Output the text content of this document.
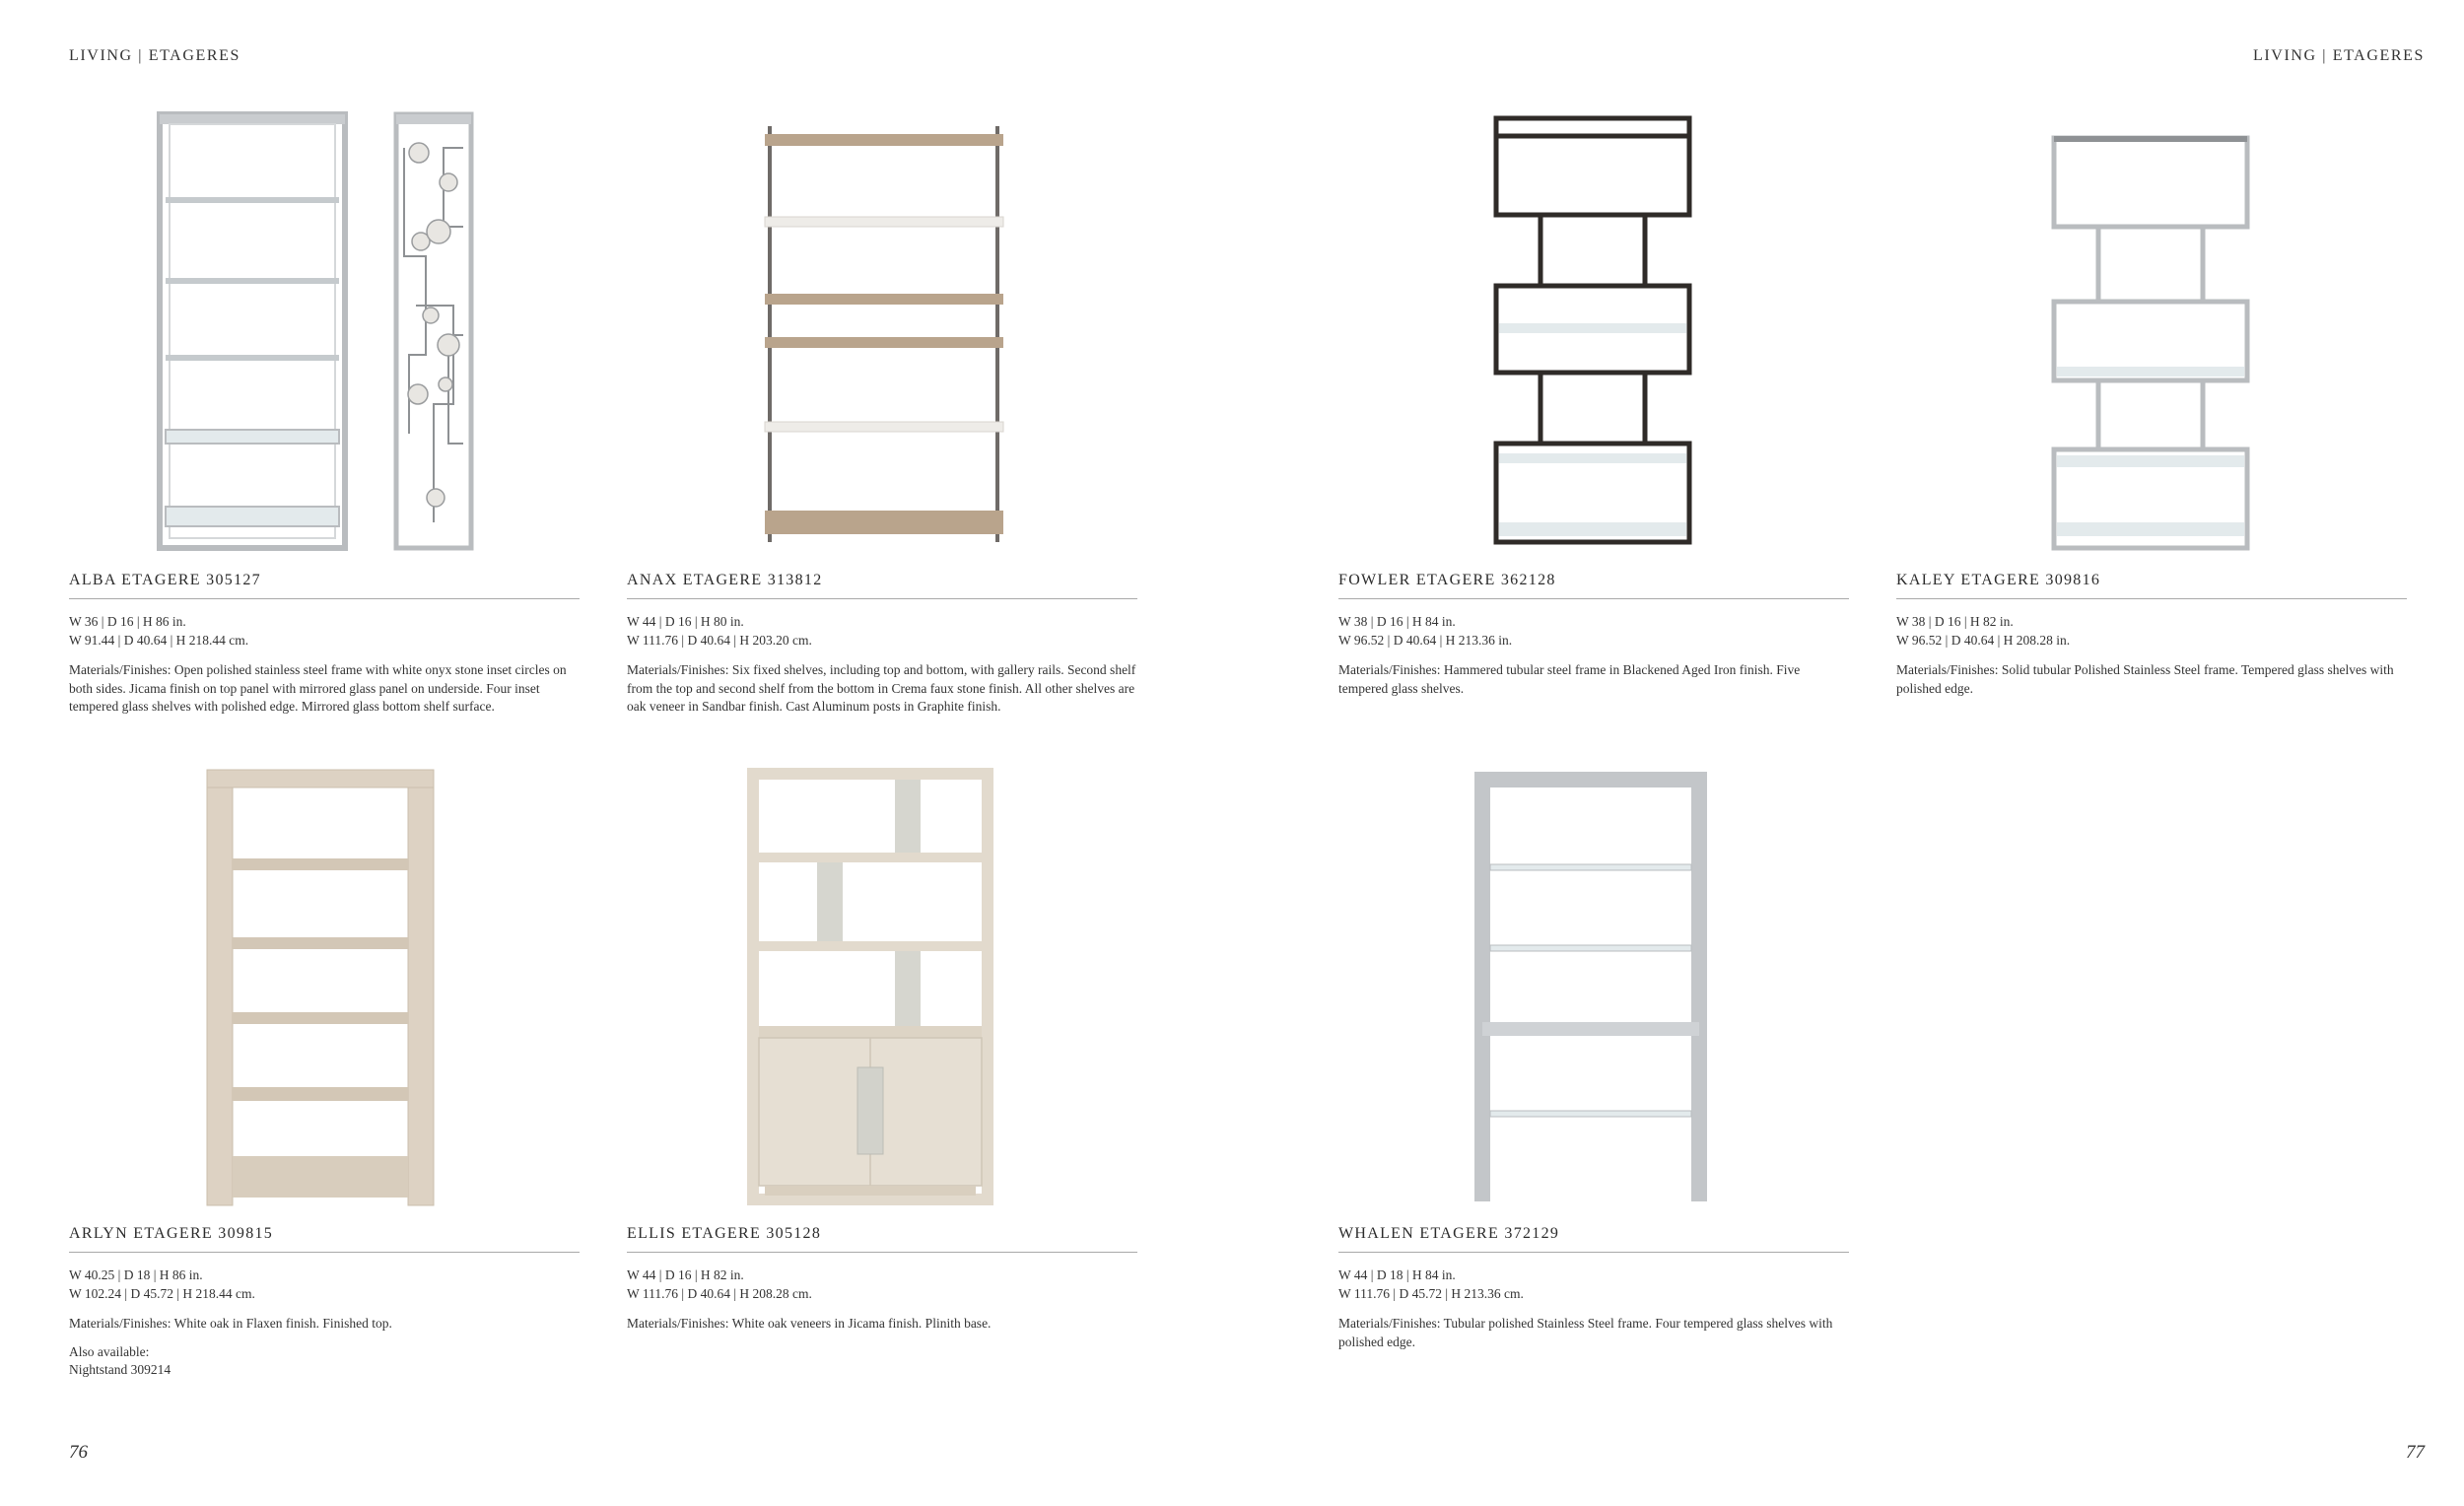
LIVING | ETAGERES	LIVING | ETAGERES
ALBA ETAGERE 305127
W 36 | D 16 | H 86 in.
W 91.44 | D 40.64 | H 218.44 cm.
Materials/Finishes: Open polished stainless steel frame with white onyx stone inset circles on both sides. Jicama finish on top panel with mirrored glass panel on underside. Four inset tempered glass shelves with polished edge. Mirrored glass bottom shelf surface.
ANAX ETAGERE 313812
W 44 | D 16 | H 80 in.
W 111.76 | D 40.64 | H 203.20 cm.
Materials/Finishes: Six fixed shelves, including top and bottom, with gallery rails. Second shelf from the top and second shelf from the bottom in Crema faux stone finish. All other shelves are oak veneer in Sandbar finish. Cast Aluminum posts in Graphite finish.
FOWLER ETAGERE 362128
W 38 | D 16 | H 84 in.
W 96.52 | D 40.64 | H 213.36 in.
Materials/Finishes: Hammered tubular steel frame in Blackened Aged Iron finish. Five tempered glass shelves.
KALEY ETAGERE 309816
W 38 | D 16 | H 82 in.
W 96.52 | D 40.64 | H 208.28 in.
Materials/Finishes: Solid tubular Polished Stainless Steel frame. Tempered glass shelves with polished edge.
ARLYN ETAGERE 309815
W 40.25 | D 18 | H 86 in.
W 102.24 | D 45.72 | H 218.44 cm.
Materials/Finishes: White oak in Flaxen finish. Finished top.
Also available:
Nightstand 309214
ELLIS ETAGERE 305128
W 44 | D 16 | H 82 in.
W 111.76 | D 40.64 | H 208.28 cm.
Materials/Finishes: White oak veneers in Jicama finish. Plinith base.
WHALEN ETAGERE 372129
W 44 | D 18 | H 84 in.
W 111.76 | D 45.72 | H 213.36 cm.
Materials/Finishes: Tubular polished Stainless Steel frame. Four tempered glass shelves with polished edge.
76	77
